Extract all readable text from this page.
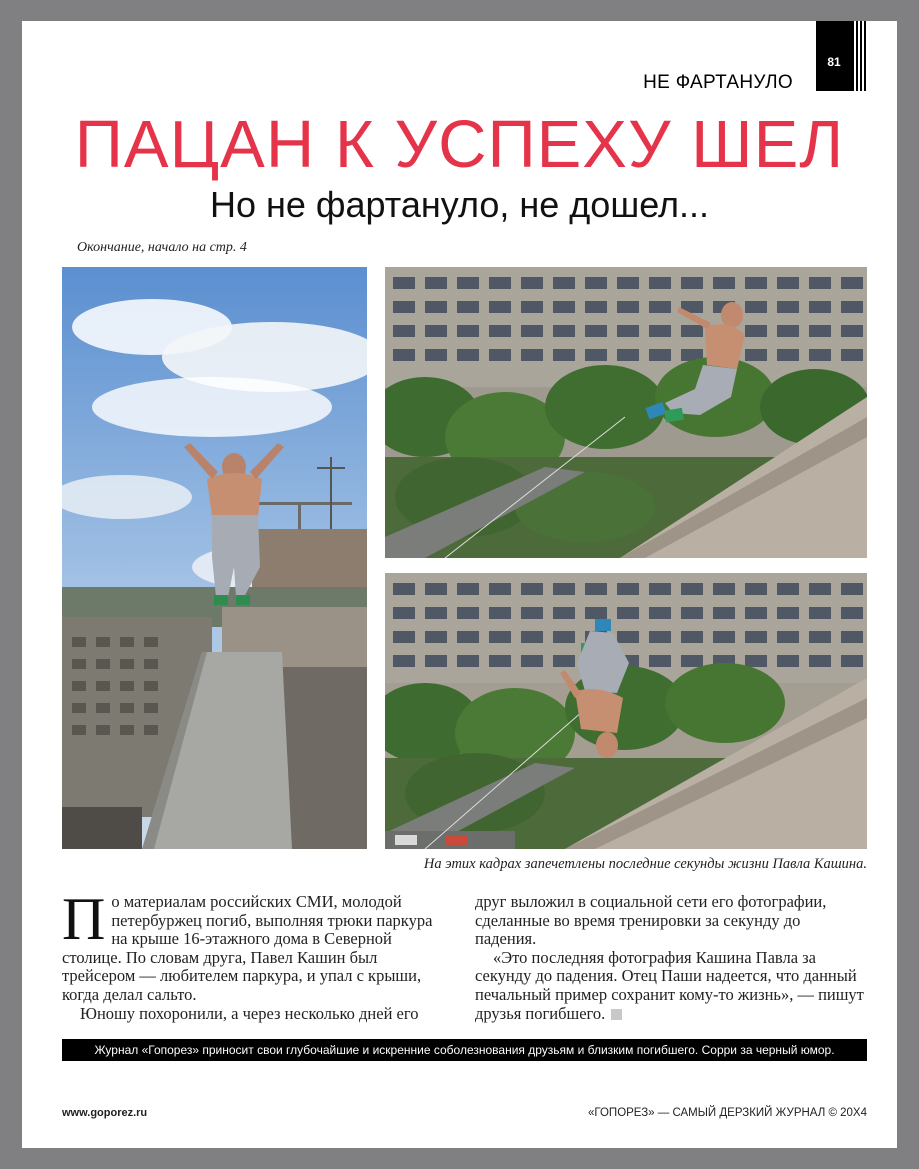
81
НЕ ФАРТАНУЛО
ПАЦАН К УСПЕХУ ШЕЛ
Но не фартануло, не дошел...
Окончание, начало на стр. 4
На этих кадрах запечетлены последние секунды жизни Павла Кашина.

По материалам российских СМИ, молодой петербуржец погиб, выполняя трюки паркура на крыше 16-этажного дома в Северной столице. По словам друга, Павел Кашин был трейсером — любителем паркура, и упал с крыши, когда делал сальто.

Юношу похоронили, а через несколько дней его

друг выложил в социальной сети его фотографии, сделанные во время тренировки за секунду до падения.

«Это последняя фотография Кашина Павла за секунду до падения. Отец Паши надеется, что данный печальный пример сохранит кому-то жизнь», — пишут друзья погибшего.

Журнал «Гопорез» приносит свои глубочайшие и искренние соболезнования друзьям и близким погибшего. Сорри за черный юмор.
www.goporez.ru	«ГОПОРЕЗ» — САМЫЙ ДЕРЗКИЙ ЖУРНАЛ © 20Х4
